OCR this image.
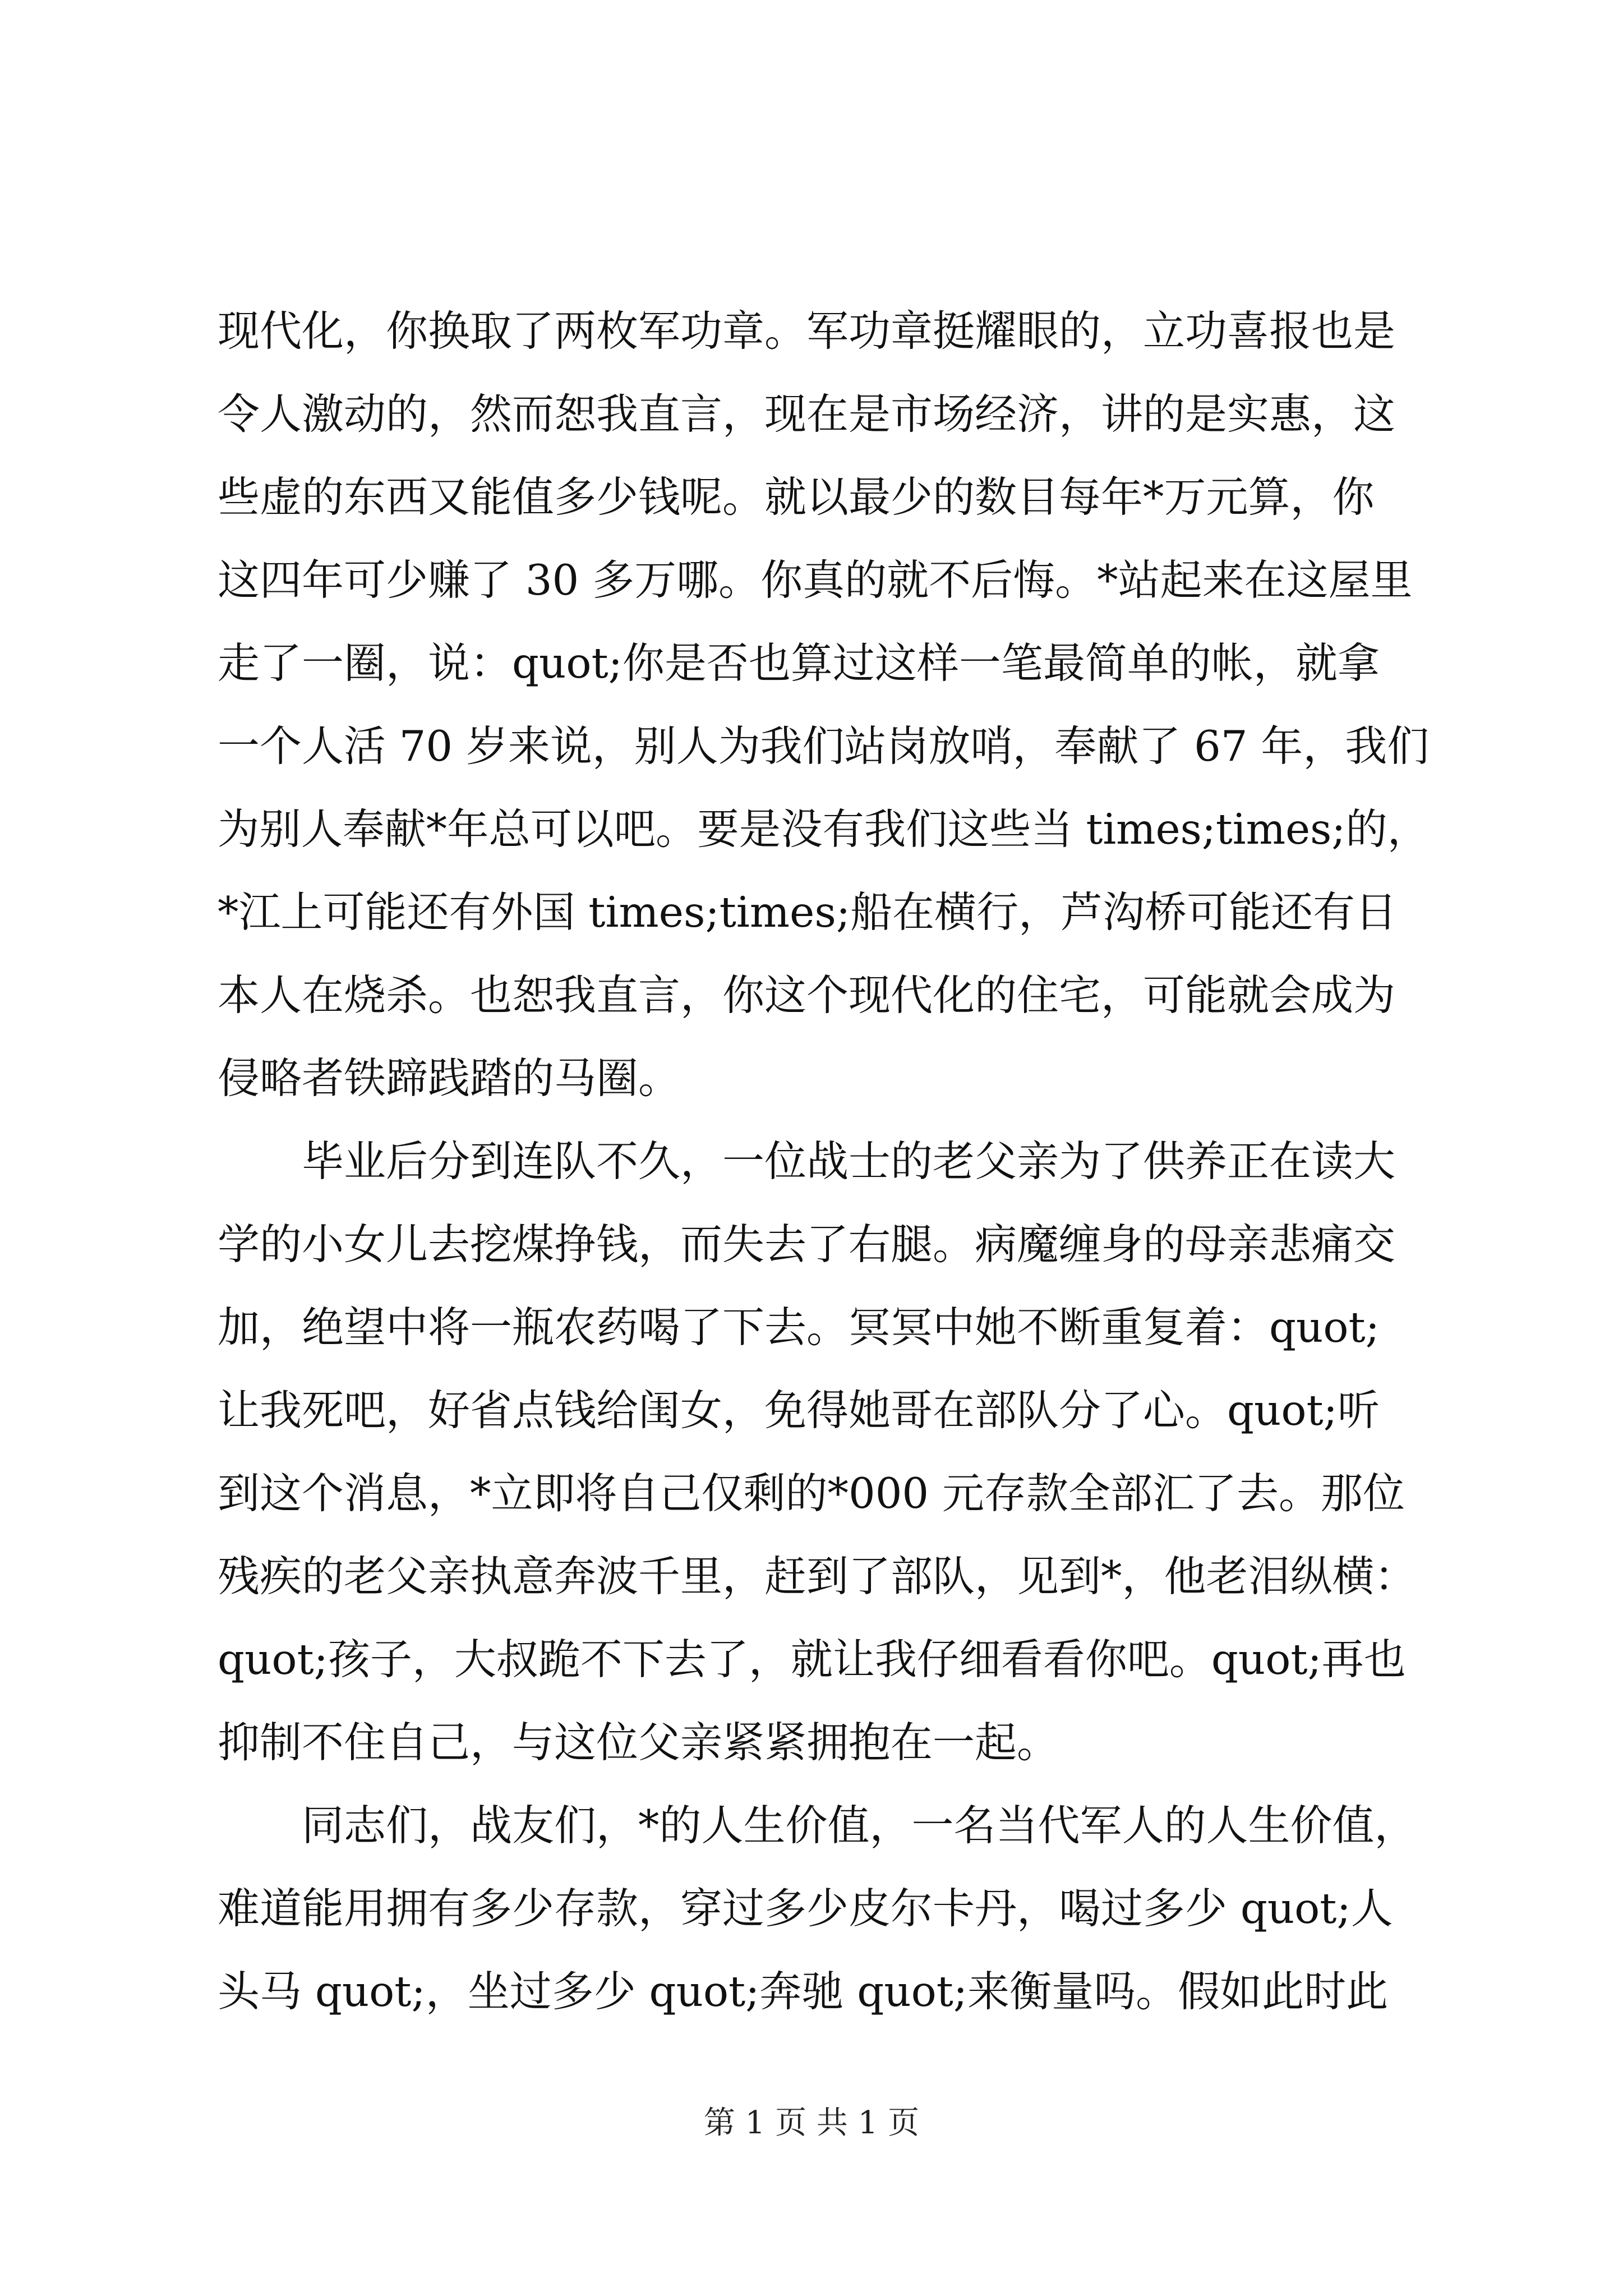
现代化，你换取了两枚军功章。军功章挺耀眼的，立功喜报也是
令人激动的，然而恕我直言，现在是市场经济，讲的是实惠，这
些虚的东西又能值多少钱呢。就以最少的数目每年*万元算，你
这四年可少赚了 30 多万哪。你真的就不后悔。*站起来在这屋里
走了一圈，说：quot;你是否也算过这样一笔最简单的帐，就拿
一个人活 70 岁来说，别人为我们站岗放哨，奉献了 67 年，我们
为别人奉献*年总可以吧。要是没有我们这些当 times;times;的，
*江上可能还有外国 times;times;船在横行，芦沟桥可能还有日
本人在烧杀。也恕我直言，你这个现代化的住宅，可能就会成为
侵略者铁蹄践踏的马圈。
毕业后分到连队不久，一位战士的老父亲为了供养正在读大
学的小女儿去挖煤挣钱，而失去了右腿。病魔缠身的母亲悲痛交
加，绝望中将一瓶农药喝了下去。冥冥中她不断重复着：quot;
让我死吧，好省点钱给闺女，免得她哥在部队分了心。quot;听
到这个消息，*立即将自己仅剩的*000 元存款全部汇了去。那位
残疾的老父亲执意奔波千里，赶到了部队，见到*，他老泪纵横：
quot;孩子，大叔跪不下去了，就让我仔细看看你吧。quot;再也
抑制不住自己，与这位父亲紧紧拥抱在一起。
同志们，战友们，*的人生价值，一名当代军人的人生价值，
难道能用拥有多少存款，穿过多少皮尔卡丹，喝过多少 quot;人
头马 quot;，坐过多少 quot;奔驰 quot;来衡量吗。假如此时此
第 1 页 共 1 页
